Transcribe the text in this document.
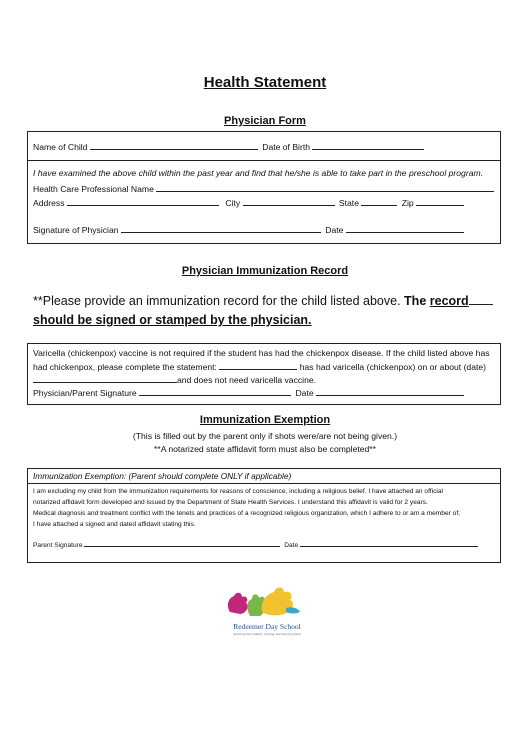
Health Statement
Physician Form
Name of Child	Date of Birth
I have examined the above child within the past year and find that he/she is able to take part in the preschool program.
Health Care Professional Name
Address	City	State	Zip
Signature of Physician	Date
Physician Immunization Record
**Please provide an immunization record for the child listed above. The record
should be signed or stamped by the physician.
Varicella (chickenpox) vaccine is not required if the student has had the chickenpox disease. If the child listed above has
had chickenpox, please complete the statement:	has had varicella (chickenpox) on or about (date)
and does not need varicella vaccine.
Physician/Parent Signature	Date
Immunization Exemption
(This is filled out by the parent only if shots were/are not being given.)
**A notarized state affidavit form must also be completed**
Immunization Exemption: (Parent should complete ONLY if applicable)
I am excluding my child from the immunization requirements for reasons of conscience, including a religious belief. I have attached an official
notarized affidavit form developed and issued by the Department of State Health Services. I understand this affidavit is valid for 2 years.
Medical diagnosis and treatment conflict with the tenets and practices of a recognized religious organization, which I adhere to or am a member of;
I have attached a signed and dated affidavit stating this.
Parent Signature	Date
Redeemer Day School
nurturing each student, working, learning of purpose
